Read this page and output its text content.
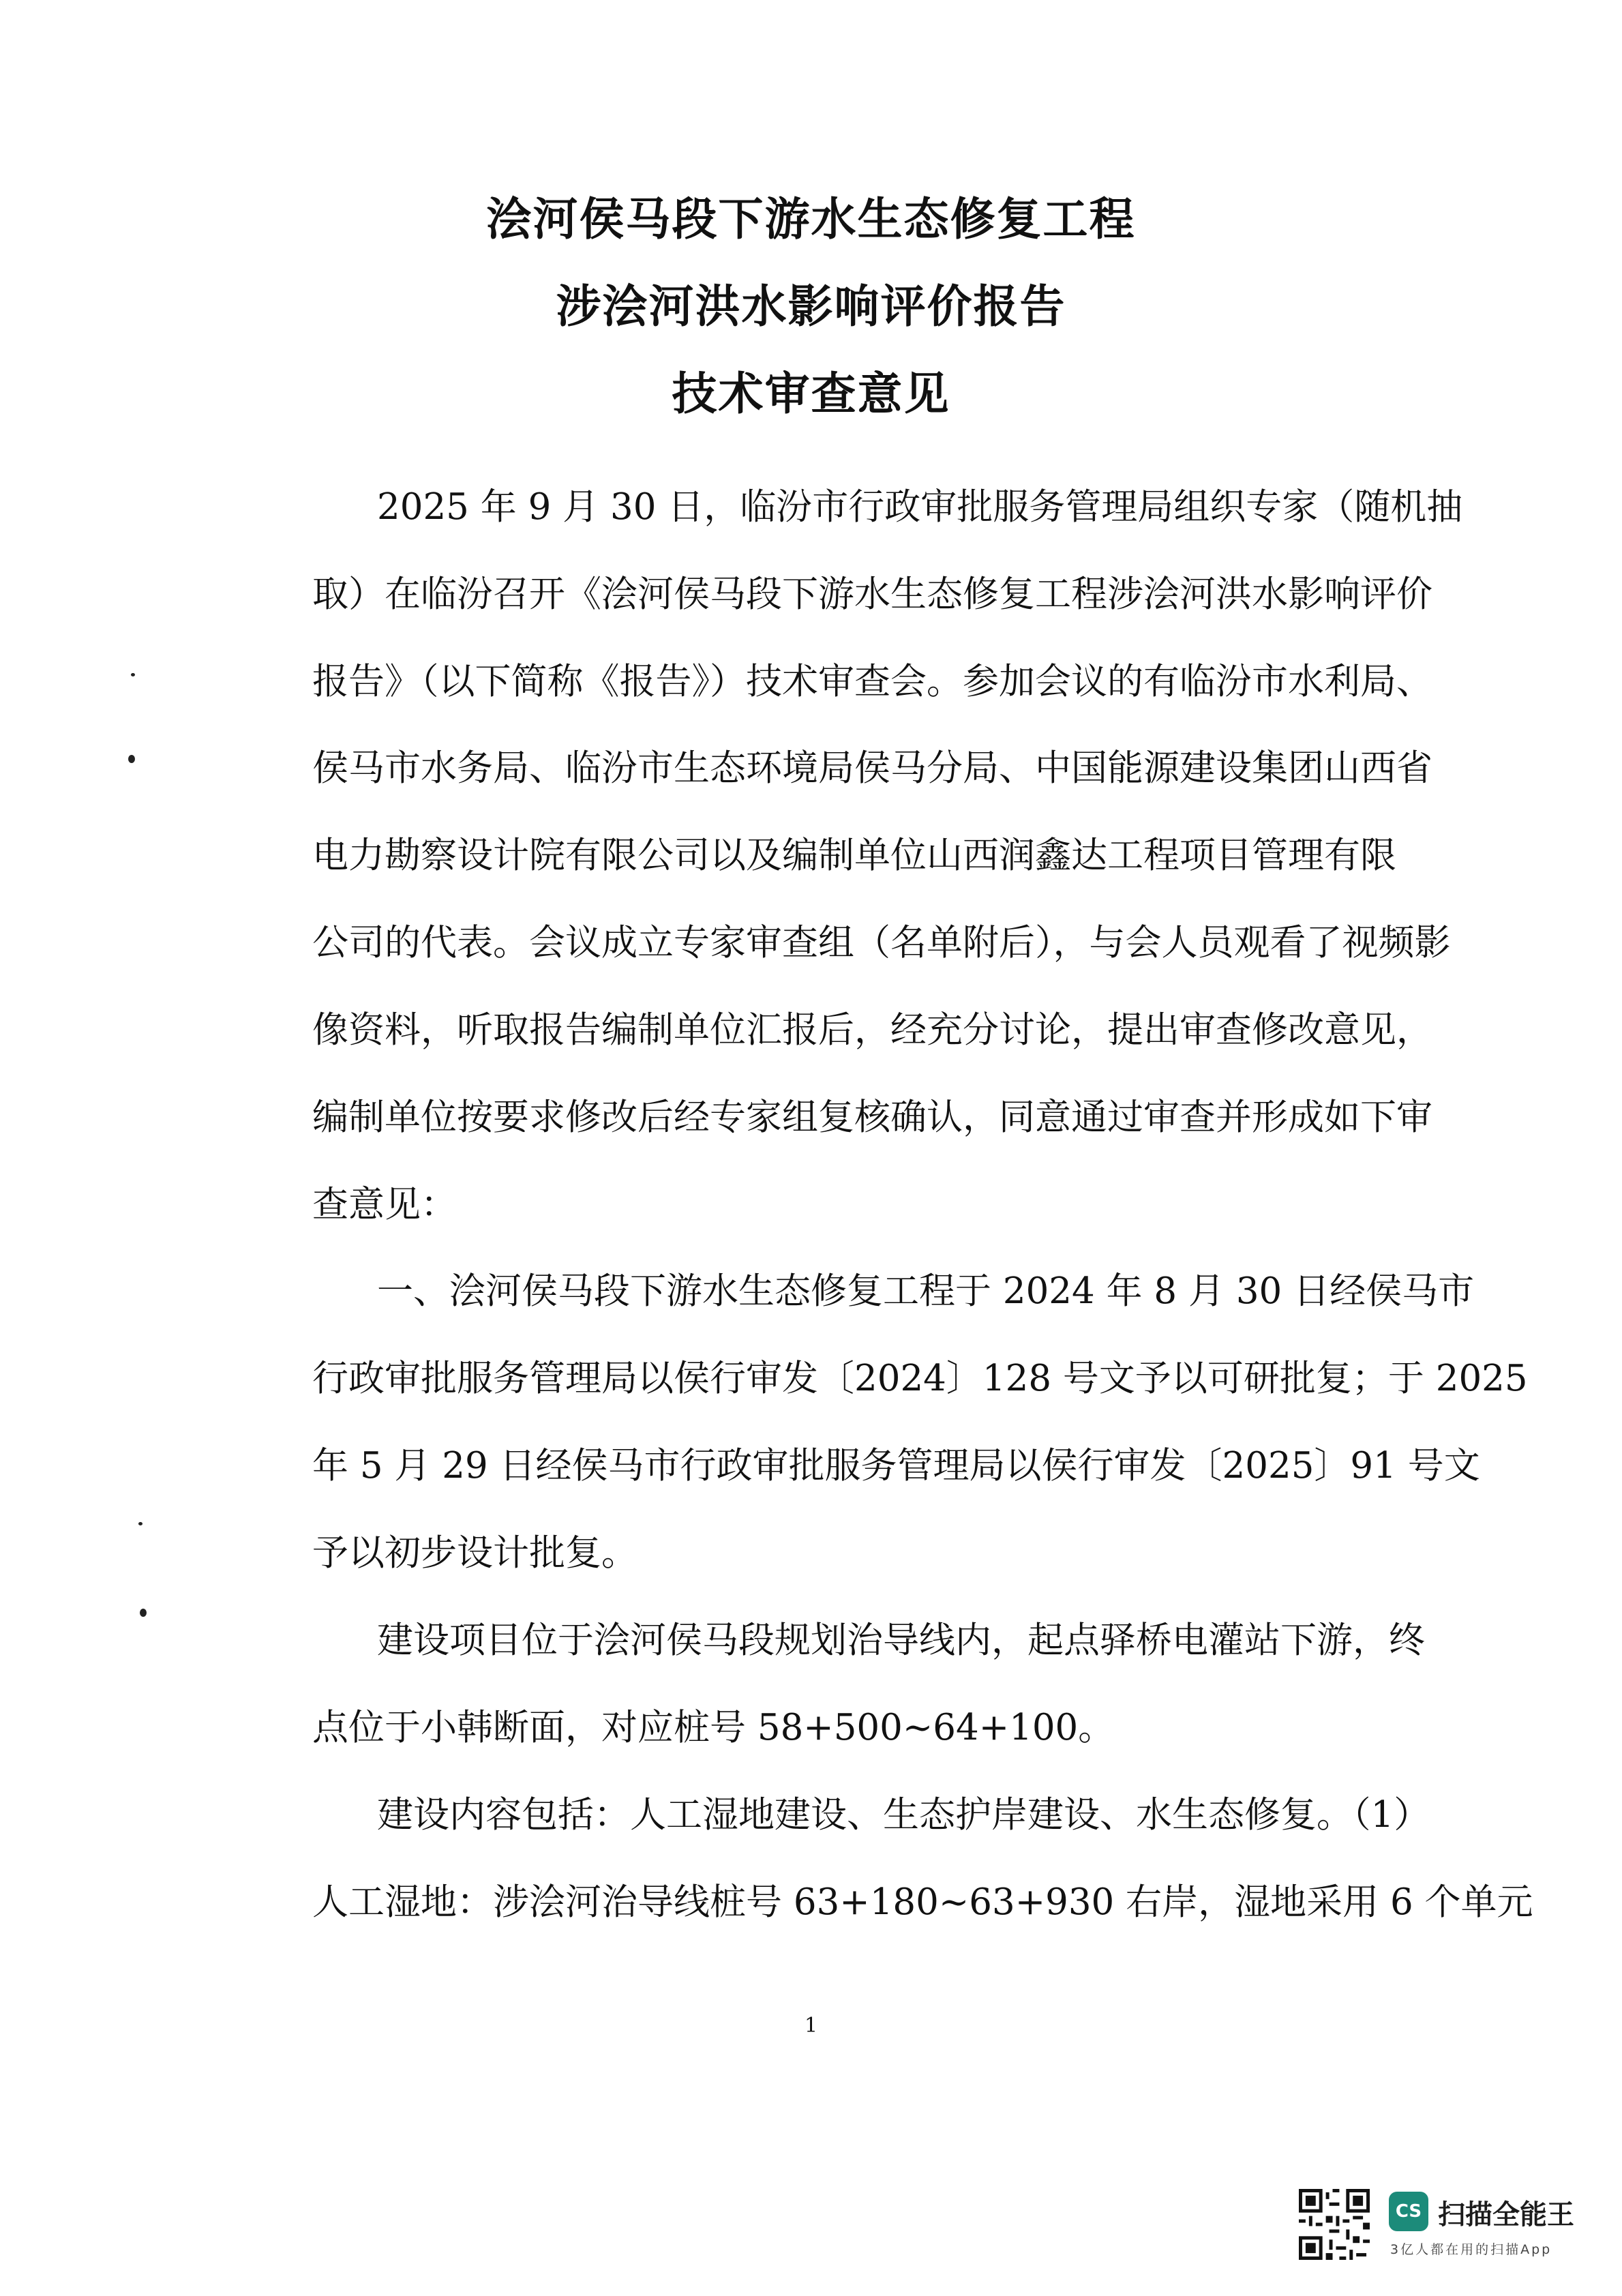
浍河侯马段下游水生态修复工程
涉浍河洪水影响评价报告
技术审查意见
2025 年 9 月 30 日，临汾市行政审批服务管理局组织专家（随机抽
取）在临汾召开《浍河侯马段下游水生态修复工程涉浍河洪水影响评价
报告》（以下简称《报告》）技术审查会。参加会议的有临汾市水利局、
侯马市水务局、临汾市生态环境局侯马分局、中国能源建设集团山西省
电力勘察设计院有限公司以及编制单位山西润鑫达工程项目管理有限
公司的代表。会议成立专家审查组（名单附后），与会人员观看了视频影
像资料，听取报告编制单位汇报后，经充分讨论，提出审查修改意见，
编制单位按要求修改后经专家组复核确认，同意通过审查并形成如下审
查意见：
一、浍河侯马段下游水生态修复工程于 2024 年 8 月 30 日经侯马市
行政审批服务管理局以侯行审发〔2024〕128 号文予以可研批复；于 2025
年 5 月 29 日经侯马市行政审批服务管理局以侯行审发〔2025〕91 号文
予以初步设计批复。
建设项目位于浍河侯马段规划治导线内，起点驿桥电灌站下游，终
点位于小韩断面，对应桩号 58+500~64+100。
建设内容包括：人工湿地建设、生态护岸建设、水生态修复。（1）
人工湿地：涉浍河治导线桩号 63+180~63+930 右岸，湿地采用 6 个单元
1
CS 扫描全能王
3亿人都在用的扫描App
